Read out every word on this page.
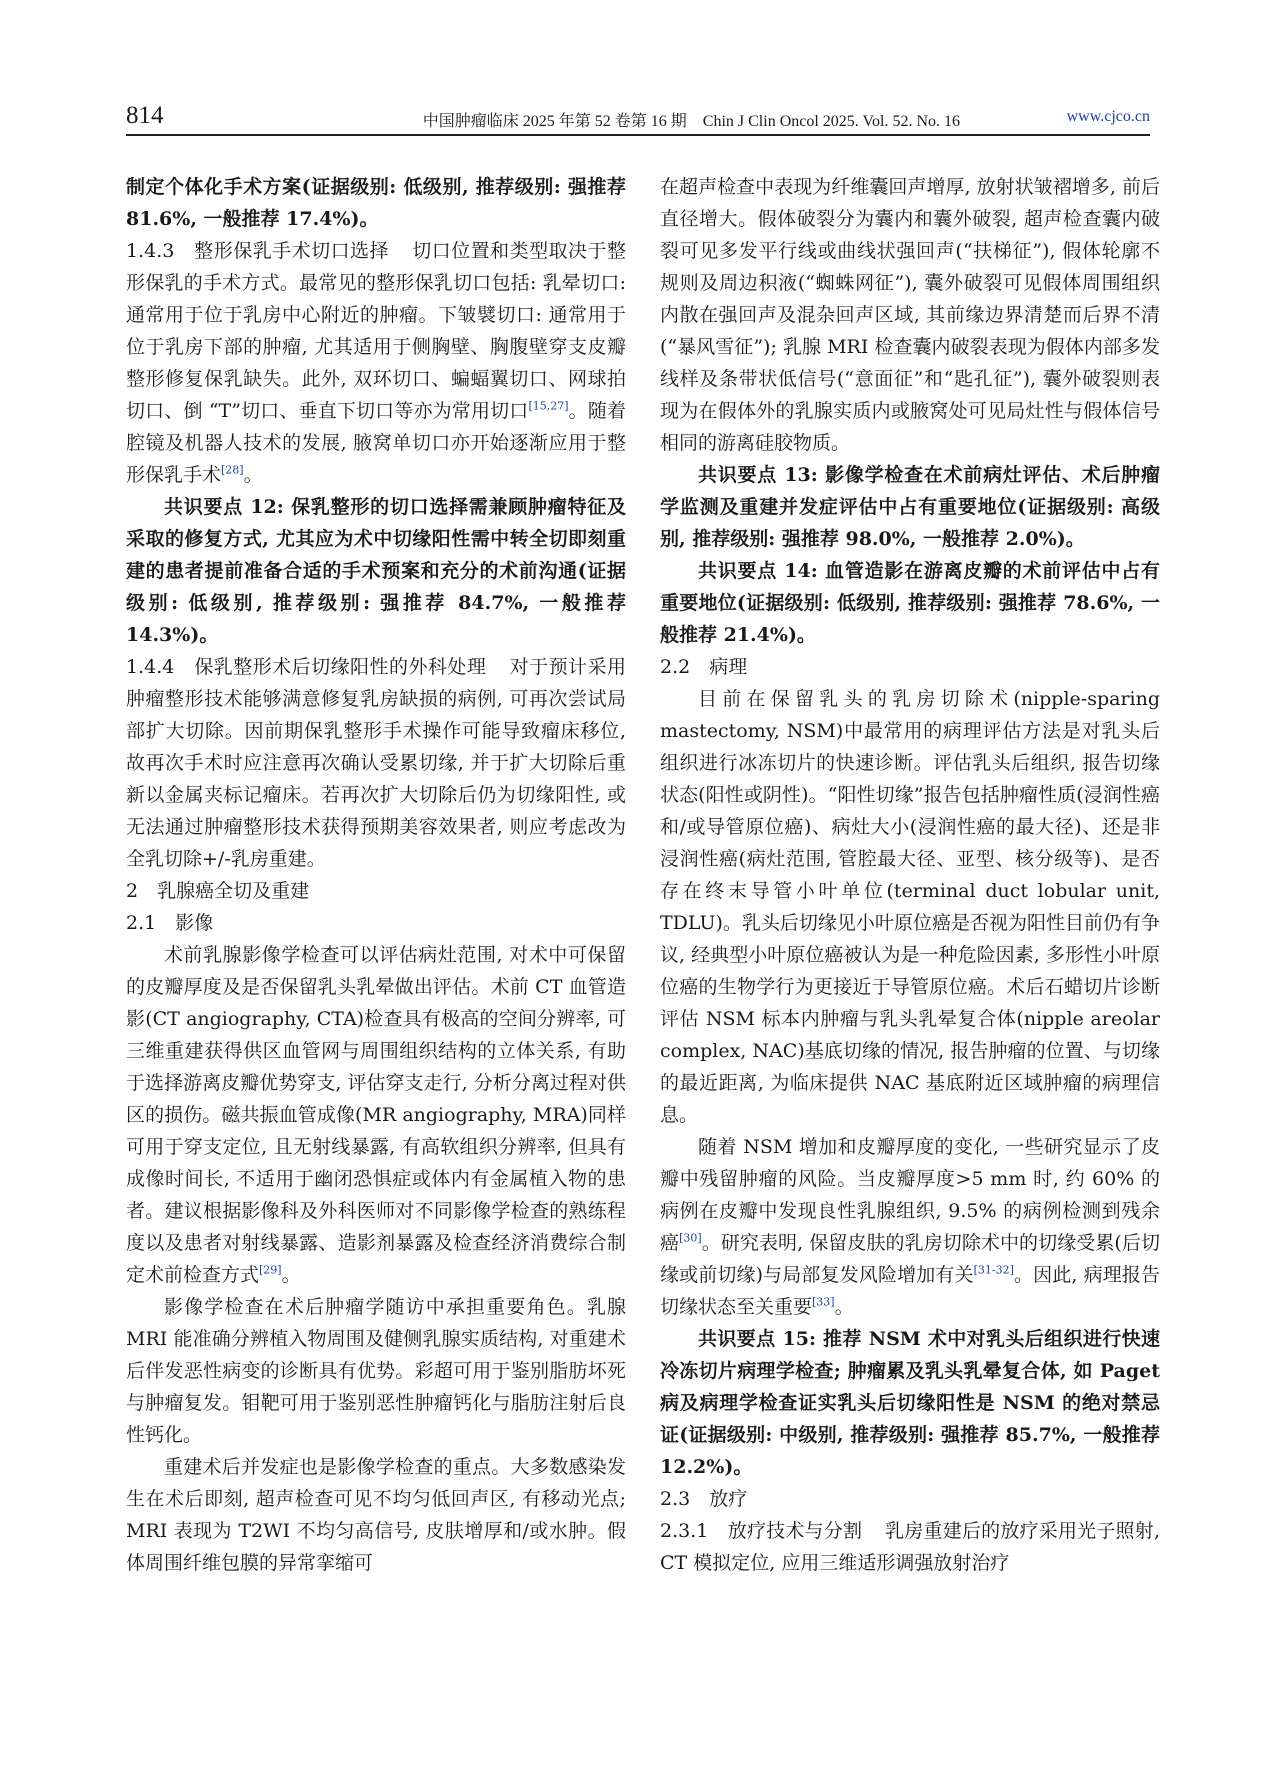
814	中国肿瘤临床 2025 年第 52 卷第 16 期　Chin J Clin Oncol 2025. Vol. 52. No. 16	www.cjco.cn

制定个体化手术方案(证据级别: 低级别, 推荐级别: 强推荐 81.6%, 一般推荐 17.4%)。

1.4.3　整形保乳手术切口选择 切口位置和类型取决于整形保乳的手术方式。最常见的整形保乳切口包括: 乳晕切口: 通常用于位于乳房中心附近的肿瘤。下皱襞切口: 通常用于位于乳房下部的肿瘤, 尤其适用于侧胸壁、胸腹壁穿支皮瓣整形修复保乳缺失。此外, 双环切口、蝙蝠翼切口、网球拍切口、倒 “T”切口、垂直下切口等亦为常用切口[15,27]。随着腔镜及机器人技术的发展, 腋窝单切口亦开始逐渐应用于整形保乳手术[28]。

共识要点 12: 保乳整形的切口选择需兼顾肿瘤特征及采取的修复方式, 尤其应为术中切缘阳性需中转全切即刻重建的患者提前准备合适的手术预案和充分的术前沟通(证据级别: 低级别, 推荐级别: 强推荐 84.7%, 一般推荐 14.3%)。

1.4.4　保乳整形术后切缘阳性的外科处理 对于预计采用肿瘤整形技术能够满意修复乳房缺损的病例, 可再次尝试局部扩大切除。因前期保乳整形手术操作可能导致瘤床移位, 故再次手术时应注意再次确认受累切缘, 并于扩大切除后重新以金属夹标记瘤床。若再次扩大切除后仍为切缘阳性, 或无法通过肿瘤整形技术获得预期美容效果者, 则应考虑改为全乳切除+/-乳房重建。

2　乳腺癌全切及重建

2.1　影像

术前乳腺影像学检查可以评估病灶范围, 对术中可保留的皮瓣厚度及是否保留乳头乳晕做出评估。术前 CT 血管造影(CT angiography, CTA)检查具有极高的空间分辨率, 可三维重建获得供区血管网与周围组织结构的立体关系, 有助于选择游离皮瓣优势穿支, 评估穿支走行, 分析分离过程对供区的损伤。磁共振血管成像(MR angiography, MRA)同样可用于穿支定位, 且无射线暴露, 有高软组织分辨率, 但具有成像时间长, 不适用于幽闭恐惧症或体内有金属植入物的患者。建议根据影像科及外科医师对不同影像学检查的熟练程度以及患者对射线暴露、造影剂暴露及检查经济消费综合制定术前检查方式[29]。

影像学检查在术后肿瘤学随访中承担重要角色。乳腺 MRI 能准确分辨植入物周围及健侧乳腺实质结构, 对重建术后伴发恶性病变的诊断具有优势。彩超可用于鉴别脂肪坏死与肿瘤复发。钼靶可用于鉴别恶性肿瘤钙化与脂肪注射后良性钙化。

重建术后并发症也是影像学检查的重点。大多数感染发生在术后即刻, 超声检查可见不均匀低回声区, 有移动光点; MRI 表现为 T2WI 不均匀高信号, 皮肤增厚和/或水肿。假体周围纤维包膜的异常挛缩可

在超声检查中表现为纤维囊回声增厚, 放射状皱褶增多, 前后直径增大。假体破裂分为囊内和囊外破裂, 超声检查囊内破裂可见多发平行线或曲线状强回声(“扶梯征”), 假体轮廓不规则及周边积液(“蜘蛛网征”), 囊外破裂可见假体周围组织内散在强回声及混杂回声区域, 其前缘边界清楚而后界不清(“暴风雪征”); 乳腺 MRI 检查囊内破裂表现为假体内部多发线样及条带状低信号(“意面征”和“匙孔征”), 囊外破裂则表现为在假体外的乳腺实质内或腋窝处可见局灶性与假体信号相同的游离硅胶物质。

共识要点 13: 影像学检查在术前病灶评估、术后肿瘤学监测及重建并发症评估中占有重要地位(证据级别: 高级别, 推荐级别: 强推荐 98.0%, 一般推荐 2.0%)。

共识要点 14: 血管造影在游离皮瓣的术前评估中占有重要地位(证据级别: 低级别, 推荐级别: 强推荐 78.6%, 一般推荐 21.4%)。

2.2　病理

目前在保留乳头的乳房切除术(nipple-sparing mastectomy, NSM)中最常用的病理评估方法是对乳头后组织进行冰冻切片的快速诊断。评估乳头后组织, 报告切缘状态(阳性或阴性)。“阳性切缘”报告包括肿瘤性质(浸润性癌和/或导管原位癌)、病灶大小(浸润性癌的最大径)、还是非浸润性癌(病灶范围, 管腔最大径、亚型、核分级等)、是否存在终末导管小叶单位(terminal duct lobular unit, TDLU)。乳头后切缘见小叶原位癌是否视为阳性目前仍有争议, 经典型小叶原位癌被认为是一种危险因素, 多形性小叶原位癌的生物学行为更接近于导管原位癌。术后石蜡切片诊断评估 NSM 标本内肿瘤与乳头乳晕复合体(nipple areolar complex, NAC)基底切缘的情况, 报告肿瘤的位置、与切缘的最近距离, 为临床提供 NAC 基底附近区域肿瘤的病理信息。

随着 NSM 增加和皮瓣厚度的变化, 一些研究显示了皮瓣中残留肿瘤的风险。当皮瓣厚度>5 mm 时, 约 60% 的病例在皮瓣中发现良性乳腺组织, 9.5% 的病例检测到残余癌[30]。研究表明, 保留皮肤的乳房切除术中的切缘受累(后切缘或前切缘)与局部复发风险增加有关[31-32]。因此, 病理报告切缘状态至关重要[33]。

共识要点 15: 推荐 NSM 术中对乳头后组织进行快速冷冻切片病理学检查; 肿瘤累及乳头乳晕复合体, 如 Paget 病及病理学检查证实乳头后切缘阳性是 NSM 的绝对禁忌证(证据级别: 中级别, 推荐级别: 强推荐 85.7%, 一般推荐 12.2%)。

2.3　放疗

2.3.1　放疗技术与分割 乳房重建后的放疗采用光子照射, CT 模拟定位, 应用三维适形调强放射治疗
